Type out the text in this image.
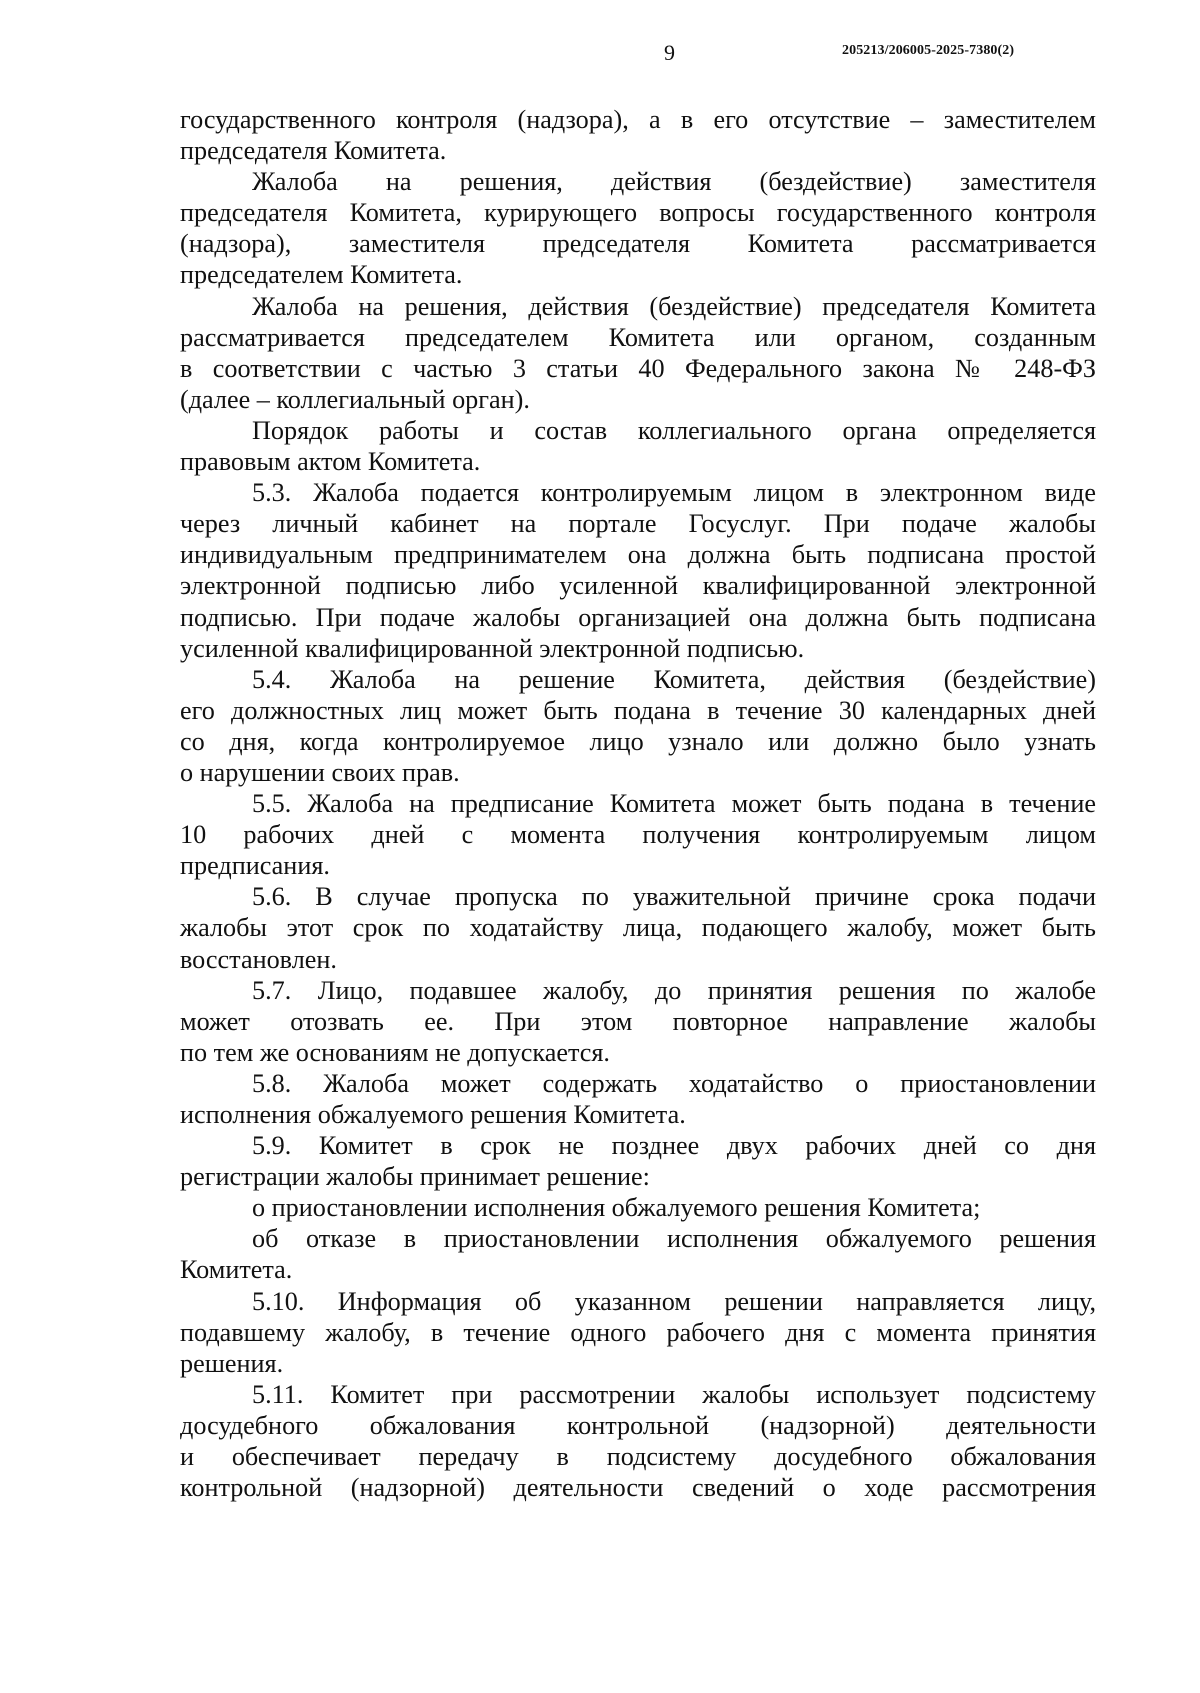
9	205213/206005-2025-7380(2)

государственного контроля (надзора), а в его отсутствие – заместителем
председателя Комитета.

Жалоба на решения, действия (бездействие) заместителя
председателя Комитета, курирующего вопросы государственного контроля
(надзора), заместителя председателя Комитета рассматривается
председателем Комитета.

Жалоба на решения, действия (бездействие) председателя Комитета
рассматривается председателем Комитета или органом, созданным
в соответствии с частью 3 статьи 40 Федерального закона № 248-ФЗ
(далее – коллегиальный орган).

Порядок работы и состав коллегиального органа определяется
правовым актом Комитета.

5.3. Жалоба подается контролируемым лицом в электронном виде
через личный кабинет на портале Госуслуг. При подаче жалобы
индивидуальным предпринимателем она должна быть подписана простой
электронной подписью либо усиленной квалифицированной электронной
подписью. При подаче жалобы организацией она должна быть подписана
усиленной квалифицированной электронной подписью.

5.4. Жалоба на решение Комитета, действия (бездействие)
его должностных лиц может быть подана в течение 30 календарных дней
со дня, когда контролируемое лицо узнало или должно было узнать
о нарушении своих прав.

5.5. Жалоба на предписание Комитета может быть подана в течение
10 рабочих дней с момента получения контролируемым лицом
предписания.

5.6. В случае пропуска по уважительной причине срока подачи
жалобы этот срок по ходатайству лица, подающего жалобу, может быть
восстановлен.

5.7. Лицо, подавшее жалобу, до принятия решения по жалобе
может отозвать ее. При этом повторное направление жалобы
по тем же основаниям не допускается.

5.8. Жалоба может содержать ходатайство о приостановлении
исполнения обжалуемого решения Комитета.

5.9. Комитет в срок не позднее двух рабочих дней со дня
регистрации жалобы принимает решение:

о приостановлении исполнения обжалуемого решения Комитета;

об отказе в приостановлении исполнения обжалуемого решения
Комитета.

5.10. Информация об указанном решении направляется лицу,
подавшему жалобу, в течение одного рабочего дня с момента принятия
решения.

5.11. Комитет при рассмотрении жалобы использует подсистему
досудебного обжалования контрольной (надзорной) деятельности
и обеспечивает передачу в подсистему досудебного обжалования
контрольной (надзорной) деятельности сведений о ходе рассмотрения
